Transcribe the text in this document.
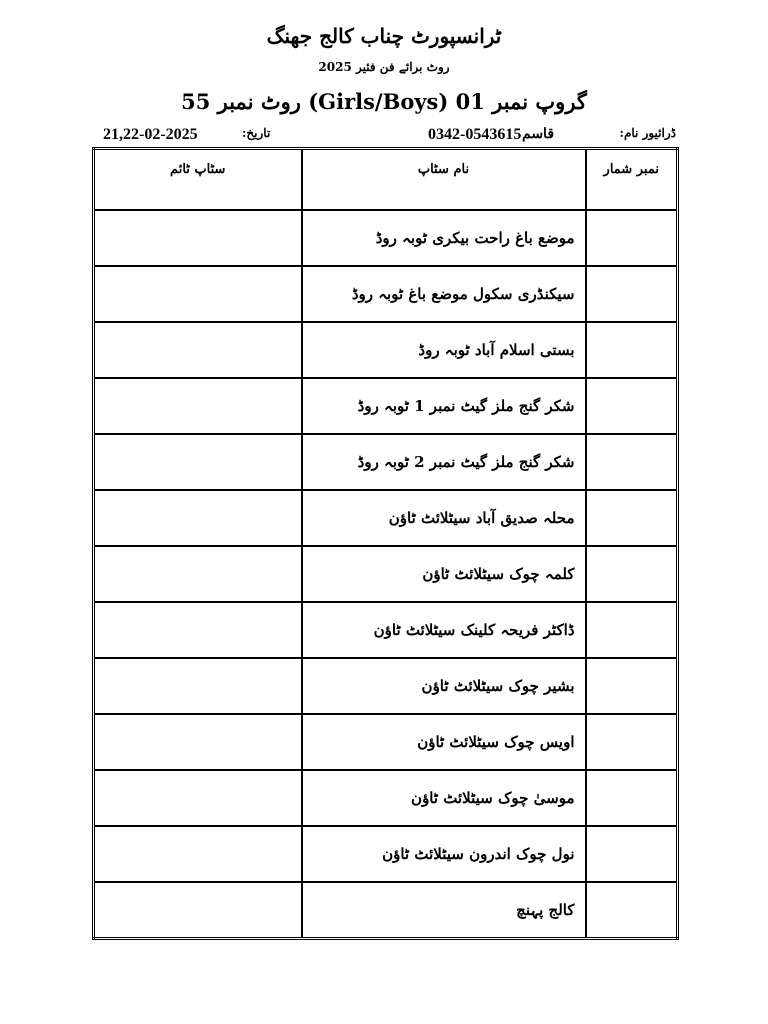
ٹرانسپورٹ چناب کالج جھنگ
روٹ برائے فن فئیر 2025
گروپ نمبر 01 (Girls/Boys) روٹ نمبر 55
ڈرائیور نام:
قاسم
0342-0543615
تاریخ:
21,22-02-2025
سٹاپ ٹائم	نام سٹاپ	نمبر شمار
	موضع باغ راحت بیکری ٹوبہ روڈ	
	سیکنڈری سکول موضع باغ ٹوبہ روڈ	
	بستی اسلام آباد ٹوبہ روڈ	
	شکر گنج ملز گیٹ نمبر 1 ٹوبہ روڈ	
	شکر گنج ملز گیٹ نمبر 2 ٹوبہ روڈ	
	محلہ صدیق آباد سیٹلائٹ ٹاؤن	
	کلمہ چوک سیٹلائٹ ٹاؤن	
	ڈاکٹر فریحہ کلینک سیٹلائٹ ٹاؤن	
	بشیر چوک سیٹلائٹ ٹاؤن	
	اویس چوک سیٹلائٹ ٹاؤن	
	موسیٰ چوک سیٹلائٹ ٹاؤن	
	نول چوک اندرون سیٹلائٹ ٹاؤن	
	کالج پہنچ	
